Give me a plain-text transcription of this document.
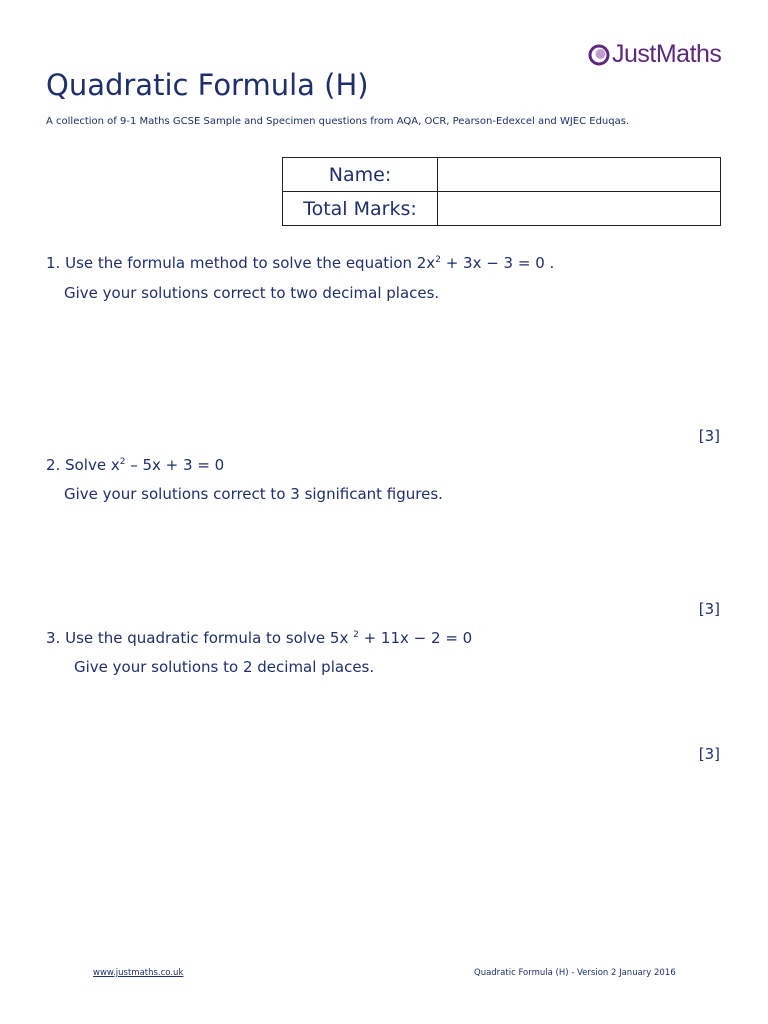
JustMaths
Quadratic Formula (H)
A collection of 9-1 Maths GCSE Sample and Specimen questions from AQA, OCR, Pearson-Edexcel and WJEC Eduqas.
Name:	
Total Marks:	
1. Use the formula method to solve the equation $2x^2 + 3x - 3 = 0$ .
Give your solutions correct to two decimal places.
[3]
2. Solve $x^2 - 5x + 3 = 0$
Give your solutions correct to 3 significant figures.
[3]
3. Use the quadratic formula to solve 5x $^2$ + 11x − 2 = 0
Give your solutions to 2 decimal places.
[3]
www.justmaths.co.uk	Quadratic Formula (H) - Version 2 January 2016
